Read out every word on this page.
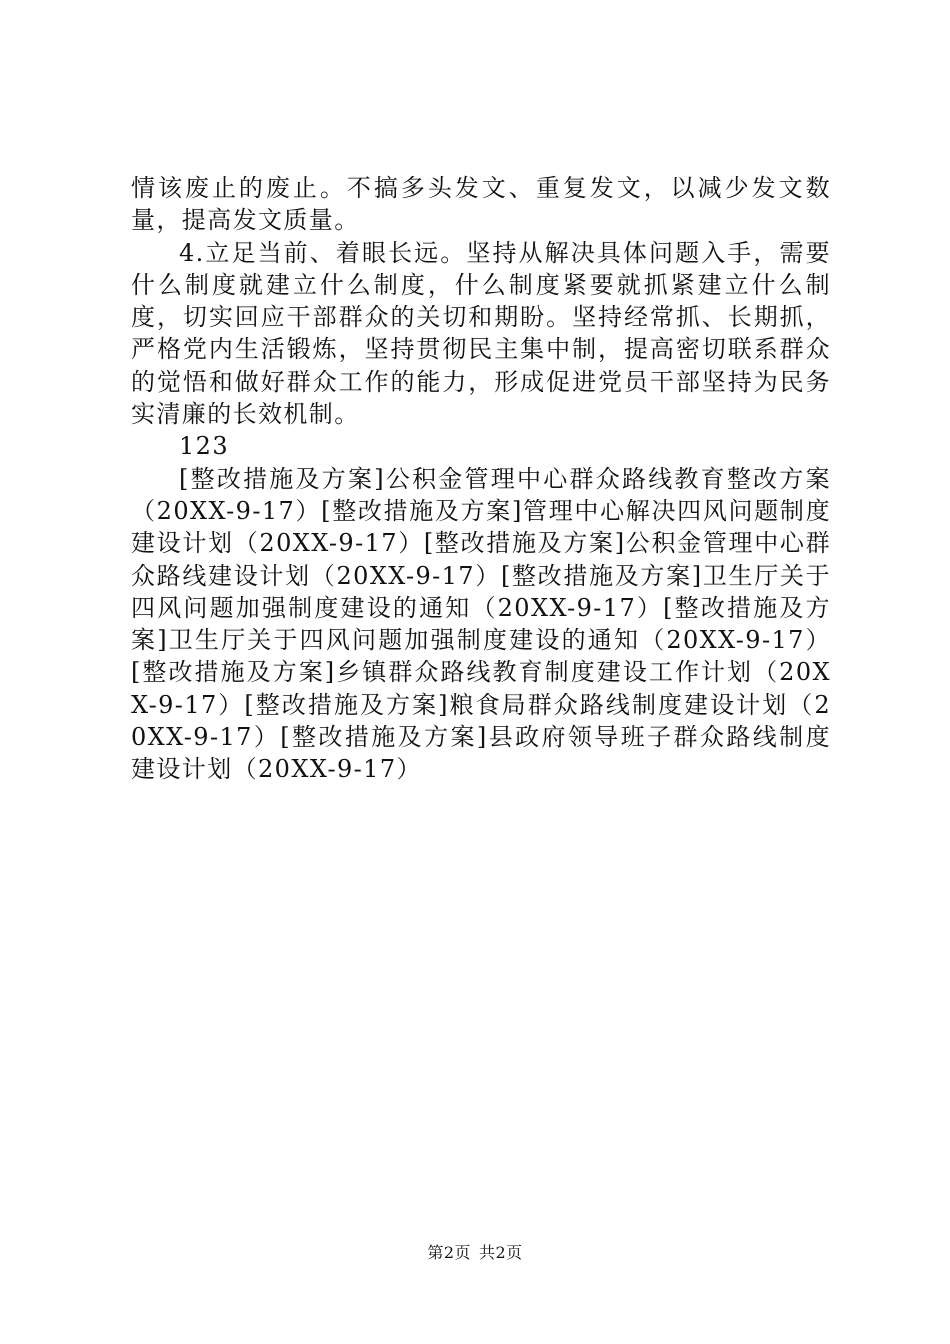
情该废止的废止。不搞多头发文、重复发文，以减少发文数量，提高发文质量。

4.立足当前、着眼长远。坚持从解决具体问题入手，需要什么制度就建立什么制度，什么制度紧要就抓紧建立什么制度，切实回应干部群众的关切和期盼。坚持经常抓、长期抓，严格党内生活锻炼，坚持贯彻民主集中制，提高密切联系群众的觉悟和做好群众工作的能力，形成促进党员干部坚持为民务实清廉的长效机制。

123

[整改措施及方案]公积金管理中心群众路线教育整改方案（20XX-9-17）[整改措施及方案]管理中心解决四风问题制度建设计划（20XX-9-17）[整改措施及方案]公积金管理中心群众路线建设计划（20XX-9-17）[整改措施及方案]卫生厅关于四风问题加强制度建设的通知（20XX-9-17）[整改措施及方案]卫生厅关于四风问题加强制度建设的通知（20XX-9-17）[整改措施及方案]乡镇群众路线教育制度建设工作计划（20XX-9-17）[整改措施及方案]粮食局群众路线制度建设计划（20XX-9-17）[整改措施及方案]县政府领导班子群众路线制度建设计划（20XX-9-17）

第2页 共2页
